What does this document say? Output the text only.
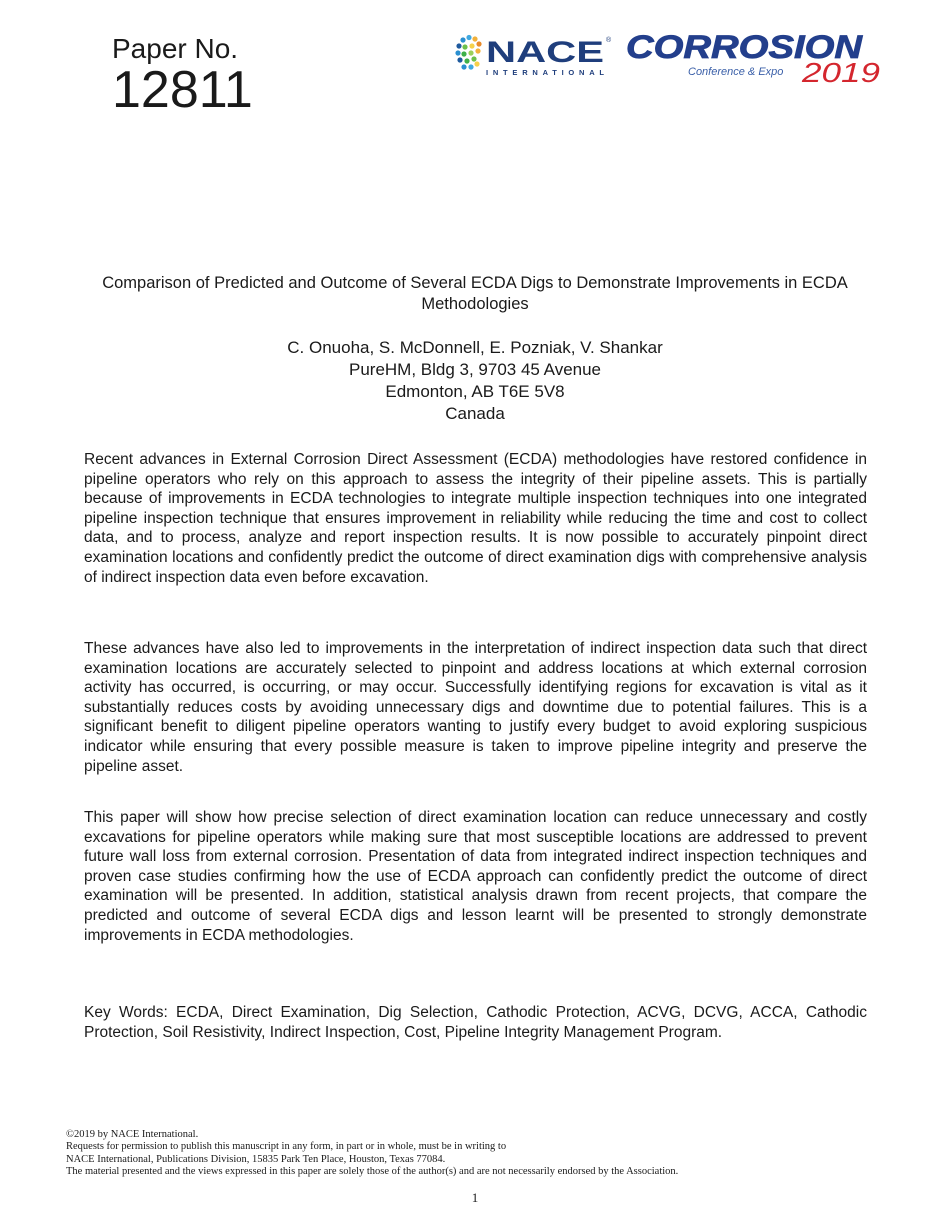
Paper No.
12811
NACE
INTERNATIONAL
® CORROSION
Conference & Expo 2019
Comparison of Predicted and Outcome of Several ECDA Digs to Demonstrate Improvements in ECDA Methodologies
C. Onuoha, S. McDonnell, E. Pozniak, V. Shankar
PureHM, Bldg 3, 9703 45 Avenue
Edmonton, AB T6E 5V8
Canada

Recent advances in External Corrosion Direct Assessment (ECDA) methodologies have restored confidence in pipeline operators who rely on this approach to assess the integrity of their pipeline assets. This is partially because of improvements in ECDA technologies to integrate multiple inspection techniques into one integrated pipeline inspection technique that ensures improvement in reliability while reducing the time and cost to collect data, and to process, analyze and report inspection results. It is now possible to accurately pinpoint direct examination locations and confidently predict the outcome of direct examination digs with comprehensive analysis of indirect inspection data even before excavation.

These advances have also led to improvements in the interpretation of indirect inspection data such that direct examination locations are accurately selected to pinpoint and address locations at which external corrosion activity has occurred, is occurring, or may occur. Successfully identifying regions for excavation is vital as it substantially reduces costs by avoiding unnecessary digs and downtime due to potential failures. This is a significant benefit to diligent pipeline operators wanting to justify every budget to avoid exploring suspicious indicator while ensuring that every possible measure is taken to improve pipeline integrity and preserve the pipeline asset.

This paper will show how precise selection of direct examination location can reduce unnecessary and costly excavations for pipeline operators while making sure that most susceptible locations are addressed to prevent future wall loss from external corrosion. Presentation of data from integrated indirect inspection techniques and proven case studies confirming how the use of ECDA approach can confidently predict the outcome of direct examination will be presented. In addition, statistical analysis drawn from recent projects, that compare the predicted and outcome of several ECDA digs and lesson learnt will be presented to strongly demonstrate improvements in ECDA methodologies.

Key Words: ECDA, Direct Examination, Dig Selection, Cathodic Protection, ACVG, DCVG, ACCA, Cathodic Protection, Soil Resistivity, Indirect Inspection, Cost, Pipeline Integrity Management Program.

©2019 by NACE International.
Requests for permission to publish this manuscript in any form, in part or in whole, must be in writing to
NACE International, Publications Division, 15835 Park Ten Place, Houston, Texas 77084.
The material presented and the views expressed in this paper are solely those of the author(s) and are not necessarily endorsed by the Association.
1
